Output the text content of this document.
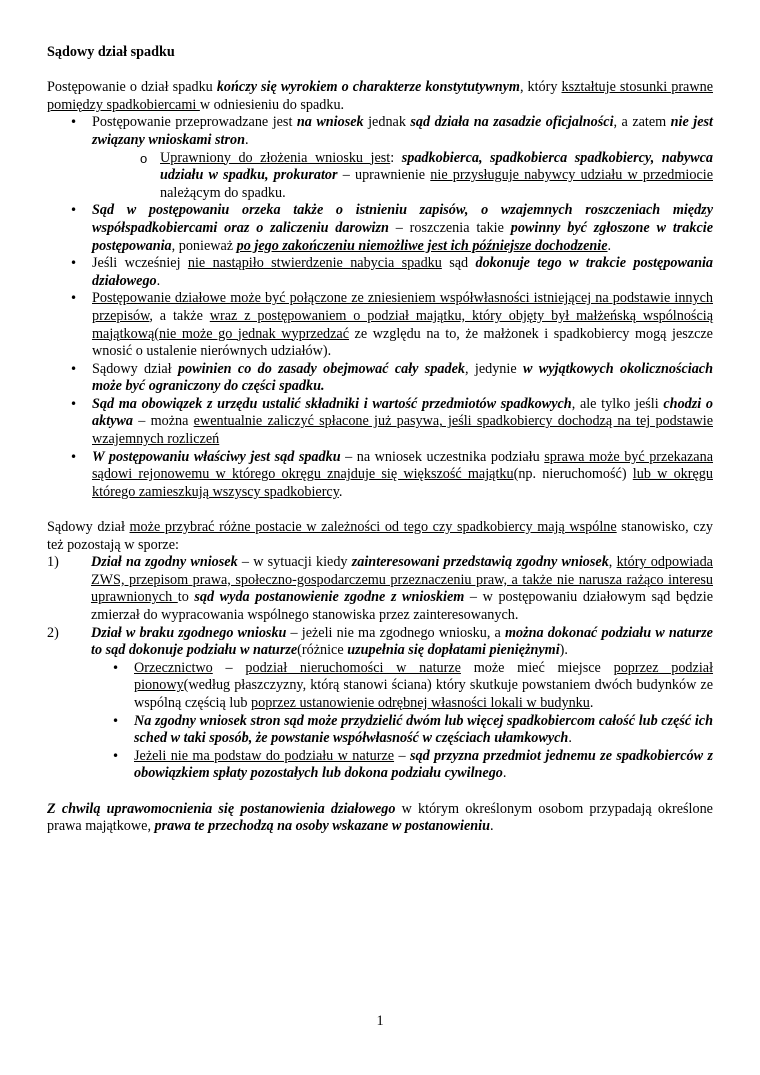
Sądowy dział spadku

Postępowanie o dział spadku kończy się wyrokiem o charakterze konstytutywnym, który kształtuje stosunki prawne pomiędzy spadkobiercami w odniesieniu do spadku.

• Postępowanie przeprowadzane jest na wniosek jednak sąd działa na zasadzie oficjalności, a zatem nie jest związany wnioskami stron.
o Uprawniony do złożenia wniosku jest: spadkobierca, spadkobierca spadkobiercy, nabywca udziału w spadku, prokurator – uprawnienie nie przysługuje nabywcy udziału w przedmiocie należącym do spadku.
• Sąd w postępowaniu orzeka także o istnieniu zapisów, o wzajemnych roszczeniach między współspadkobiercami oraz o zaliczeniu darowizn – roszczenia takie powinny być zgłoszone w trakcie postępowania, ponieważ po jego zakończeniu niemożliwe jest ich późniejsze dochodzenie.
• Jeśli wcześniej nie nastąpiło stwierdzenie nabycia spadku sąd dokonuje tego w trakcie postępowania działowego.
• Postępowanie działowe może być połączone ze zniesieniem współwłasności istniejącej na podstawie innych przepisów, a także wraz z postępowaniem o podział majątku, który objęty był małżeńską wspólnością majątkową(nie może go jednak wyprzedzać ze względu na to, że małżonek i spadkobiercy mogą jeszcze wnosić o ustalenie nierównych udziałów).
• Sądowy dział powinien co do zasady obejmować cały spadek, jedynie w wyjątkowych okolicznościach może być ograniczony do części spadku.
• Sąd ma obowiązek z urzędu ustalić składniki i wartość przedmiotów spadkowych, ale tylko jeśli chodzi o aktywa – można ewentualnie zaliczyć spłacone już pasywa, jeśli spadkobiercy dochodzą na tej podstawie wzajemnych rozliczeń
• W postępowaniu właściwy jest sąd spadku – na wniosek uczestnika podziału sprawa może być przekazana sądowi rejonowemu w którego okręgu znajduje się większość majątku(np. nieruchomość) lub w okręgu którego zamieszkują wszyscy spadkobiercy.

Sądowy dział może przybrać różne postacie w zależności od tego czy spadkobiercy mają wspólne stanowisko, czy też pozostają w sporze:

1) Dział na zgodny wniosek – w sytuacji kiedy zainteresowani przedstawią zgodny wniosek, który odpowiada ZWS, przepisom prawa, społeczno-gospodarczemu przeznaczeniu praw, a także nie narusza rażąco interesu uprawnionych to sąd wyda postanowienie zgodne z wnioskiem – w postępowaniu działowym sąd będzie zmierzał do wypracowania wspólnego stanowiska przez zainteresowanych.
2) Dział w braku zgodnego wniosku – jeżeli nie ma zgodnego wniosku, a można dokonać podziału w naturze to sąd dokonuje podziału w naturze(różnice uzupełnia się dopłatami pieniężnymi).
• Orzecznictwo – podział nieruchomości w naturze może mieć miejsce poprzez podział pionowy(według płaszczyzny, którą stanowi ściana) który skutkuje powstaniem dwóch budynków ze wspólną częścią lub poprzez ustanowienie odrębnej własności lokali w budynku.
• Na zgodny wniosek stron sąd może przydzielić dwóm lub więcej spadkobiercom całość lub część ich sched w taki sposób, że powstanie współwłasność w częściach ułamkowych.
• Jeżeli nie ma podstaw do podziału w naturze – sąd przyzna przedmiot jednemu ze spadkobierców z obowiązkiem spłaty pozostałych lub dokona podziału cywilnego.

Z chwilą uprawomocnienia się postanowienia działowego w którym określonym osobom przypadają określone prawa majątkowe, prawa te przechodzą na osoby wskazane w postanowieniu.

1
